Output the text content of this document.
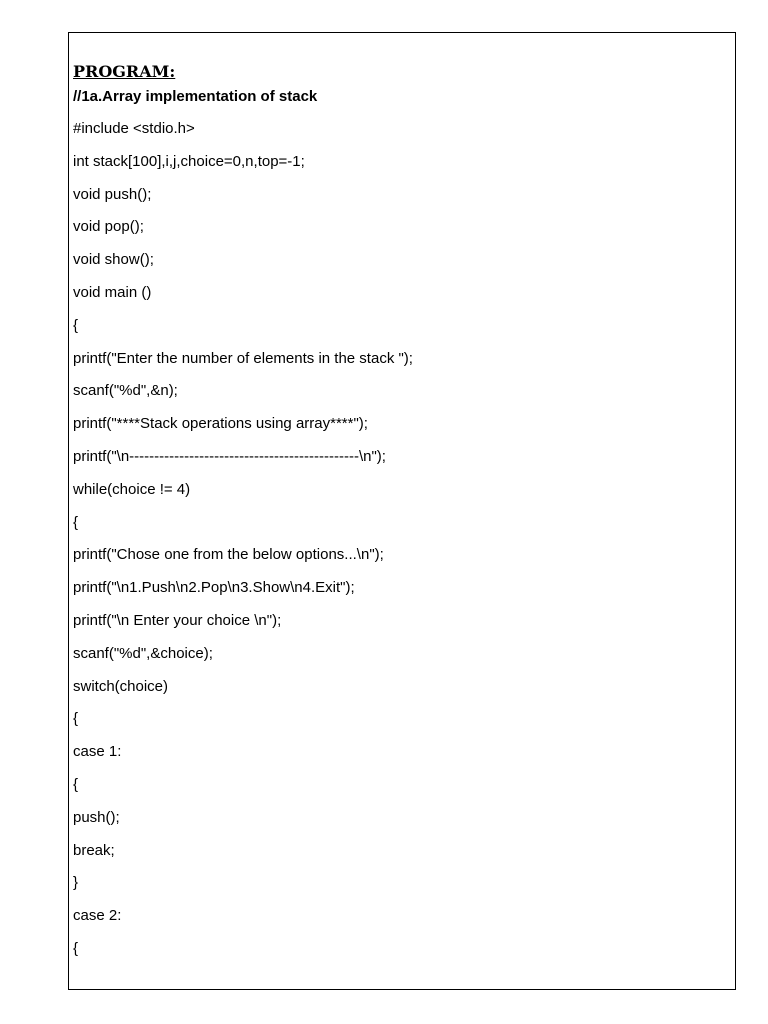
PROGRAM:
//1a.Array implementation of stack
#include <stdio.h>
int stack[100],i,j,choice=0,n,top=-1;
void push();
void pop();
void show();
void main ()
{
printf("Enter the number of elements in the stack ");
scanf("%d",&n);
printf("****Stack operations using array****");
printf("\n----------------------------------------------\n");
while(choice != 4)
{
printf("Chose one from the below options...\n");
printf("\n1.Push\n2.Pop\n3.Show\n4.Exit");
printf("\n Enter your choice \n");
scanf("%d",&choice);
switch(choice)
{
case 1:
{
push();
break;
}
case 2:
{
